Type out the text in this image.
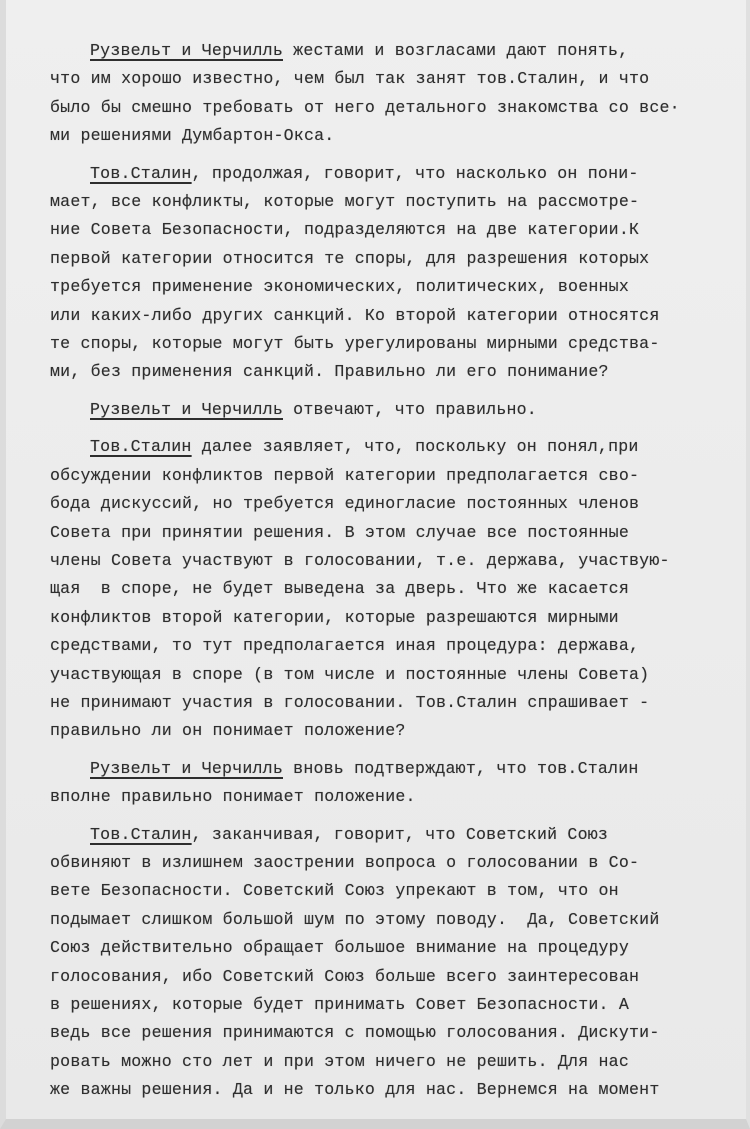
Рузвельт и Черчилль жестами и возгласами дают понять,
что им хорошо известно, чем был так занят тов.Сталин, и что
было бы смешно требовать от него детального знакомства со все·
ми решениями Думбартон-Окса.
Тов.Сталин, продолжая, говорит, что насколько он пони-
мает, все конфликты, которые могут поступить на рассмотре-
ние Совета Безопасности, подразделяются на две категории.К
первой категории относится те споры, для разрешения которых
требуется применение экономических, политических, военных
или каких-либо других санкций. Ко второй категории относятся
те споры, которые могут быть урегулированы мирными средства-
ми, без применения санкций. Правильно ли его понимание?
Рузвельт и Черчилль отвечают, что правильно.
Тов.Сталин далее заявляет, что, поскольку он понял,при
обсуждении конфликтов первой категории предполагается сво-
бода дискуссий, но требуется единогласие постоянных членов
Совета при принятии решения. В этом случае все постоянные
члены Совета участвуют в голосовании, т.е. держава, участвую-
щая  в споре, не будет выведена за дверь. Что же касается
конфликтов второй категории, которые разрешаются мирными
средствами, то тут предполагается иная процедура: держава,
участвующая в споре (в том числе и постоянные члены Совета)
не принимают участия в голосовании. Тов.Сталин спрашивает -
правильно ли он понимает положение?
Рузвельт и Черчилль вновь подтверждают, что тов.Сталин
вполне правильно понимает положение.
Тов.Сталин, заканчивая, говорит, что Советский Союз
обвиняют в излишнем заострении вопроса о голосовании в Со-
вете Безопасности. Советский Союз упрекают в том, что он
подымает слишком большой шум по этому поводу.  Да, Советский
Союз действительно обращает большое внимание на процедуру
голосования, ибо Советский Союз больше всего заинтересован
в решениях, которые будет принимать Совет Безопасности. А
ведь все решения принимаются с помощью голосования. Дискути-
ровать можно сто лет и при этом ничего не решить. Для нас
же важны решения. Да и не только для нас. Вернемся на момент
